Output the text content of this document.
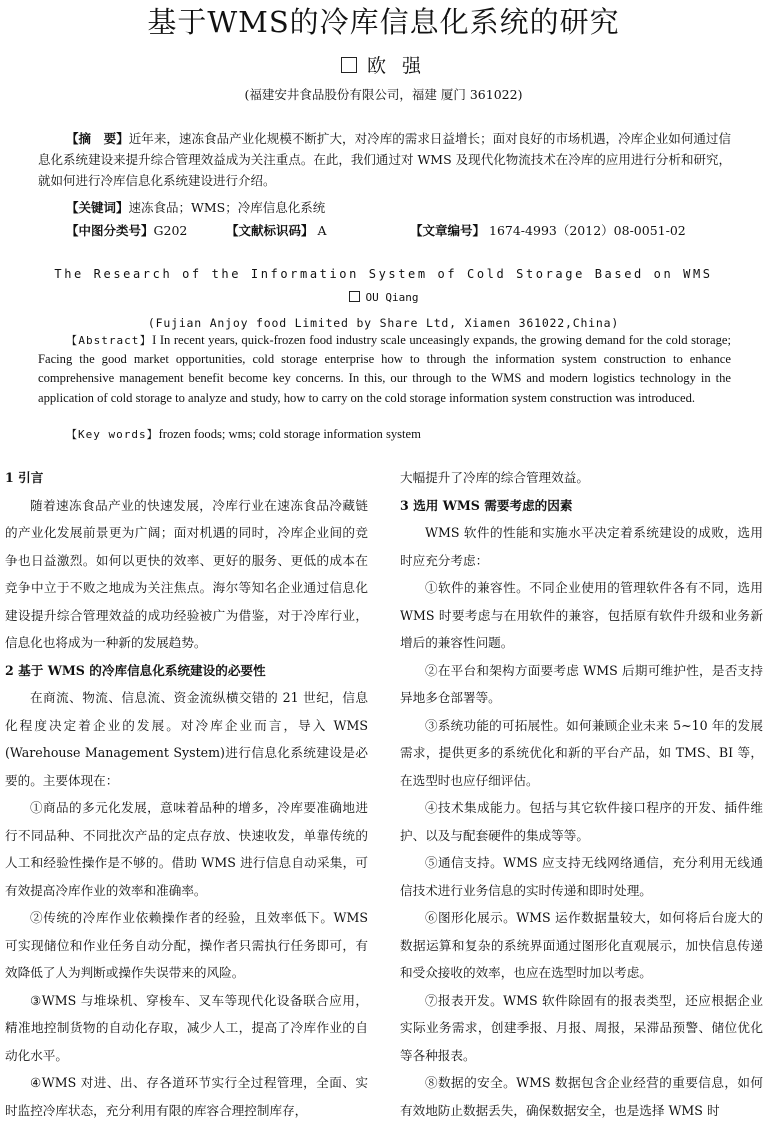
基于WMS的冷库信息化系统的研究
欧 强
(福建安井食品股份有限公司，福建 厦门 361022)
【摘　要】近年来，速冻食品产业化规模不断扩大，对冷库的需求日益增长；面对良好的市场机遇，冷库企业如何通过信息化系统建设来提升综合管理效益成为关注重点。在此，我们通过对 WMS 及现代化物流技术在冷库的应用进行分析和研究，就如何进行冷库信息化系统建设进行介绍。
【关键词】速冻食品；WMS；冷库信息化系统
【中图分类号】G202	【文献标识码】 A	【文章编号】 1674-4993（2012）08-0051-02
The Research of the Information System of Cold Storage Based on WMS
OU Qiang
(Fujian Anjoy food Limited by Share Ltd, Xiamen 361022,China)
【Abstract】I In recent years, quick-frozen food industry scale unceasingly expands, the growing demand for the cold storage; Facing the good market opportunities, cold storage enterprise how to through the information system construction to enhance comprehensive management benefit become key concerns. In this, our through to the WMS and modern logistics technology in the application of cold storage to analyze and study, how to carry on the cold storage information system construction was introduced.
【Key words】frozen foods; wms; cold storage information system
1 引言

随着速冻食品产业的快速发展，冷库行业在速冻食品冷藏链的产业化发展前景更为广阔；面对机遇的同时，冷库企业间的竞争也日益激烈。如何以更快的效率、更好的服务、更低的成本在竞争中立于不败之地成为关注焦点。海尔等知名企业通过信息化建设提升综合管理效益的成功经验被广为借鉴，对于冷库行业，信息化也将成为一种新的发展趋势。

2 基于 WMS 的冷库信息化系统建设的必要性

在商流、物流、信息流、资金流纵横交错的 21 世纪，信息化程度决定着企业的发展。对冷库企业而言，导入 WMS (Warehouse Management System)进行信息化系统建设是必要的。主要体现在：

①商品的多元化发展，意味着品种的增多，冷库要准确地进行不同品种、不同批次产品的定点存放、快速收发，单靠传统的人工和经验性操作是不够的。借助 WMS 进行信息自动采集，可有效提高冷库作业的效率和准确率。

②传统的冷库作业依赖操作者的经验，且效率低下。WMS 可实现储位和作业任务自动分配，操作者只需执行任务即可，有效降低了人为判断或操作失误带来的风险。

③WMS 与堆垛机、穿梭车、叉车等现代化设备联合应用，精准地控制货物的自动化存取，减少人工，提高了冷库作业的自动化水平。

④WMS 对进、出、存各道环节实行全过程管理，全面、实时监控冷库状态，充分利用有限的库容合理控制库存，

大幅提升了冷库的综合管理效益。

3 选用 WMS 需要考虑的因素

WMS 软件的性能和实施水平决定着系统建设的成败，选用时应充分考虑：

①软件的兼容性。不同企业使用的管理软件各有不同，选用 WMS 时要考虑与在用软件的兼容，包括原有软件升级和业务新增后的兼容性问题。

②在平台和架构方面要考虑 WMS 后期可维护性，是否支持异地多仓部署等。

③系统功能的可拓展性。如何兼顾企业未来 5~10 年的发展需求，提供更多的系统优化和新的平台产品，如 TMS、BI 等，在选型时也应仔细评估。

④技术集成能力。包括与其它软件接口程序的开发、插件维护、以及与配套硬件的集成等等。

⑤通信支持。WMS 应支持无线网络通信，充分利用无线通信技术进行业务信息的实时传递和即时处理。

⑥图形化展示。WMS 运作数据量较大，如何将后台庞大的数据运算和复杂的系统界面通过图形化直观展示，加快信息传递和受众接收的效率，也应在选型时加以考虑。

⑦报表开发。WMS 软件除固有的报表类型，还应根据企业实际业务需求，创建季报、月报、周报，呆滞品预警、储位优化等各种报表。

⑧数据的安全。WMS 数据包含企业经营的重要信息，如何有效地防止数据丢失，确保数据安全，也是选择 WMS 时
